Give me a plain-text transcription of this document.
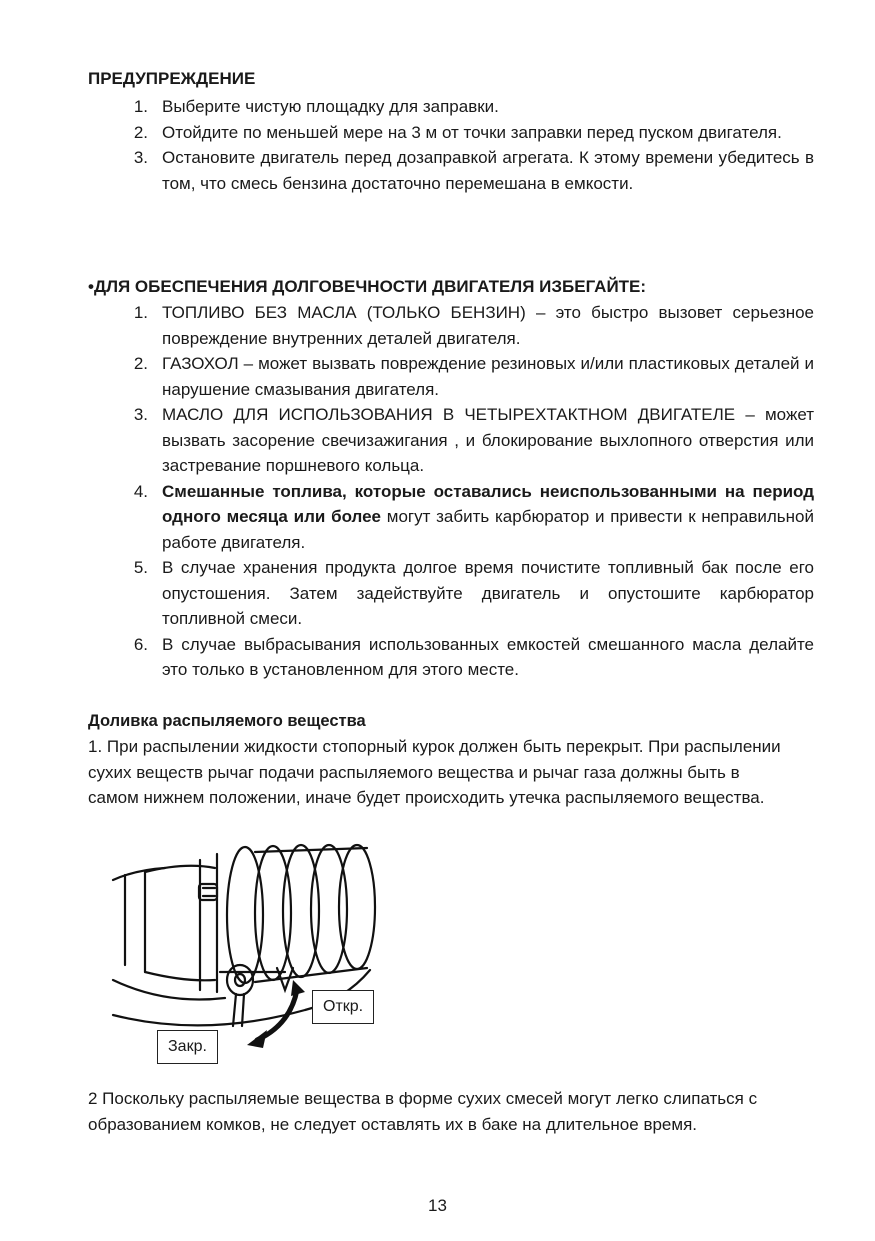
ПРЕДУПРЕЖДЕНИЕ
1. Выберите чистую площадку для заправки.
2. Отойдите по меньшей мере на 3 м от точки заправки перед пуском двигателя.
3. Остановите двигатель перед дозаправкой агрегата. К этому времени убедитесь в том, что смесь бензина достаточно перемешана в емкости.
•ДЛЯ ОБЕСПЕЧЕНИЯ ДОЛГОВЕЧНОСТИ ДВИГАТЕЛЯ ИЗБЕГАЙТЕ:
1. ТОПЛИВО БЕЗ МАСЛА (ТОЛЬКО БЕНЗИН) – это быстро вызовет серьезное повреждение внутренних деталей двигателя.
2. ГАЗОХОЛ – может вызвать повреждение резиновых и/или пластиковых деталей и нарушение смазывания двигателя.
3. МАСЛО ДЛЯ ИСПОЛЬЗОВАНИЯ В ЧЕТЫРЕХТАКТНОМ ДВИГАТЕЛЕ – может вызвать засорение свечизажигания , и блокирование выхлопного отверстия или застревание поршневого кольца.
4. Смешанные топлива, которые оставались неиспользованными на период одного месяца или более могут забить карбюратор и привести к неправильной работе двигателя.
5. В случае хранения продукта долгое время почистите топливный бак после его опустошения. Затем задействуйте двигатель и опустошите карбюратор топливной смеси.
6. В случае выбрасывания использованных емкостей смешанного масла делайте это только в установленном для этого месте.
Доливка распыляемого вещества
1. При распылении жидкости стопорный курок должен быть перекрыт. При распылении сухих веществ рычаг подачи распыляемого вещества и рычаг газа должны быть в самом нижнем положении, иначе будет происходить утечка распыляемого вещества.
Откр.
Закр.
2 Поскольку распыляемые вещества в форме сухих смесей могут легко слипаться с образованием комков, не следует оставлять их в баке на длительное время.
13
